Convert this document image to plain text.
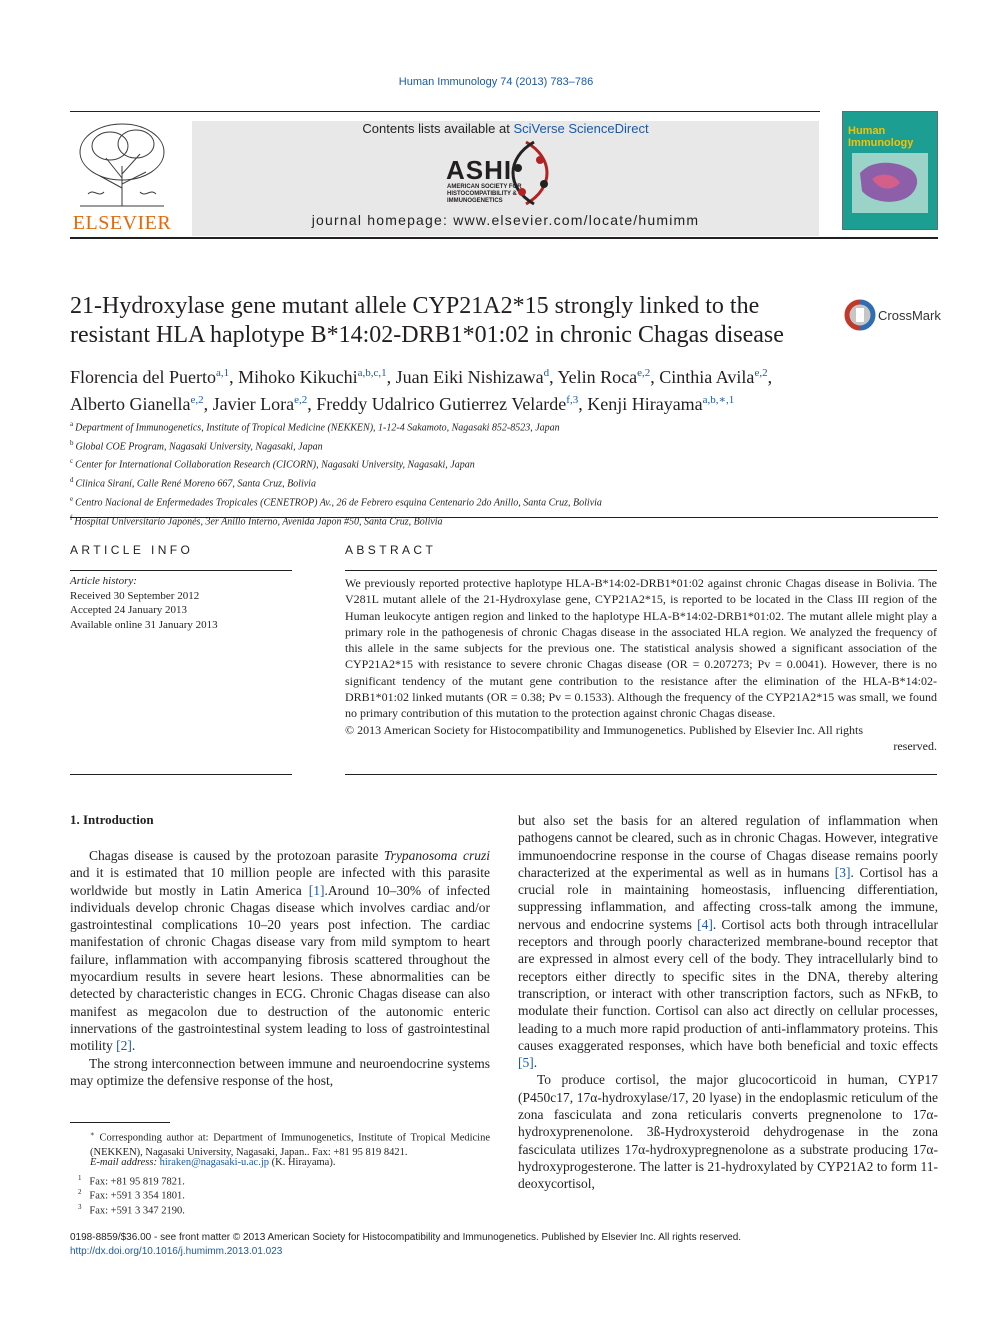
Human Immunology 74 (2013) 783–786
ELSEVIER
Contents lists available at SciVerse ScienceDirect
ASHI
AMERICAN SOCIETY FOR
HISTOCOMPATIBILITY &
IMMUNOGENETICS
journal homepage: www.elsevier.com/locate/humimm
Human
Immunology
21-Hydroxylase gene mutant allele CYP21A2*15 strongly linked to the
resistant HLA haplotype B*14:02-DRB1*01:02 in chronic Chagas disease
CrossMark
Florencia del Puerto$^{a,1}$, Mihoko Kikuchi$^{a,b,c,1}$, Juan Eiki Nishizawa$^d$, Yelin Roca$^{e,2}$, Cinthia Avila$^{e,2}$,
Alberto Gianella$^{e,2}$, Javier Lora$^{e,2}$, Freddy Udalrico Gutierrez Velarde$^{f,3}$, Kenji Hirayama$^{a,b,∗,1}$
$^a$ Department of Immunogenetics, Institute of Tropical Medicine (NEKKEN), 1-12-4 Sakamoto, Nagasaki 852-8523, Japan
$^b$ Global COE Program, Nagasaki University, Nagasaki, Japan
$^c$ Center for International Collaboration Research (CICORN), Nagasaki University, Nagasaki, Japan
$^d$ Clinica Siraní, Calle René Moreno 667, Santa Cruz, Bolivia
$^e$ Centro Nacional de Enfermedades Tropicales (CENETROP) Av., 26 de Febrero esquina Centenario 2do Anillo, Santa Cruz, Bolivia
$^f$ Hospital Universitario Japonés, 3er Anillo Interno, Avenida Japon #50, Santa Cruz, Bolivia
ARTICLE INFO
Article history:
Received 30 September 2012
Accepted 24 January 2013
Available online 31 January 2013
ABSTRACT
We previously reported protective haplotype HLA-B*14:02-DRB1*01:02 against chronic Chagas disease in Bolivia. The V281L mutant allele of the 21-Hydroxylase gene, CYP21A2*15, is reported to be located in the Class III region of the Human leukocyte antigen region and linked to the haplotype HLA-B*14:02-DRB1*01:02. The mutant allele might play a primary role in the pathogenesis of chronic Chagas disease in the associated HLA region. We analyzed the frequency of this allele in the same subjects for the previous one. The statistical analysis showed a significant association of the CYP21A2*15 with resistance to severe chronic Chagas disease (OR = 0.207273; Pv = 0.0041). However, there is no significant tendency of the mutant gene contribution to the resistance after the elimination of the HLA-B*14:02-DRB1*01:02 linked mutants (OR = 0.38; Pv = 0.1533). Although the frequency of the CYP21A2*15 was small, we found no primary contribution of this mutation to the protection against chronic Chagas disease.
© 2013 American Society for Histocompatibility and Immunogenetics. Published by Elsevier Inc. All rights
reserved.
1. Introduction

Chagas disease is caused by the protozoan parasite Trypanosoma cruzi and it is estimated that 10 million people are infected with this parasite worldwide but mostly in Latin America [1].Around 10–30% of infected individuals develop chronic Chagas disease which involves cardiac and/or gastrointestinal complications 10–20 years post infection. The cardiac manifestation of chronic Chagas disease vary from mild symptom to heart failure, inflammation with accompanying fibrosis scattered throughout the myocardium results in severe heart lesions. These abnormalities can be detected by characteristic changes in ECG. Chronic Chagas disease can also manifest as megacolon due to destruction of the autonomic enteric innervations of the gastrointestinal system leading to loss of gastrointestinal motility [2].

The strong interconnection between immune and neuroendocrine systems may optimize the defensive response of the host,

∗ Corresponding author at: Department of Immunogenetics, Institute of Tropical Medicine (NEKKEN), Nagasaki University, Nagasaki, Japan.. Fax: +81 95 819 8421.
E-mail address: hiraken@nagasaki-u.ac.jp (K. Hirayama).
$^1$ Fax: +81 95 819 7821.
$^2$ Fax: +591 3 354 1801.
$^3$ Fax: +591 3 347 2190.

but also set the basis for an altered regulation of inflammation when pathogens cannot be cleared, such as in chronic Chagas. However, integrative immunoendocrine response in the course of Chagas disease remains poorly characterized at the experimental as well as in humans [3]. Cortisol has a crucial role in maintaining homeostasis, influencing differentiation, suppressing inflammation, and affecting cross-talk among the immune, nervous and endocrine systems [4]. Cortisol acts both through intracellular receptors and through poorly characterized membrane-bound receptor that are expressed in almost every cell of the body. They intracellularly bind to receptors either directly to specific sites in the DNA, thereby altering transcription, or interact with other transcription factors, such as NFκB, to modulate their function. Cortisol can also act directly on cellular processes, leading to a much more rapid production of anti-inflammatory proteins. This causes exaggerated responses, which have both beneficial and toxic effects [5].

To produce cortisol, the major glucocorticoid in human, CYP17 (P450c17, 17α-hydroxylase/17, 20 lyase) in the endoplasmic reticulum of the zona fasciculata and zona reticularis converts pregnenolone to 17α-hydroxyprenenolone. 3ß-Hydroxysteroid dehydrogenase in the zona fasciculata utilizes 17α-hydroxypregnenolone as a substrate producing 17α-hydroxyprogesterone. The latter is 21-hydroxylated by CYP21A2 to form 11-deoxycortisol,

0198-8859/$36.00 - see front matter © 2013 American Society for Histocompatibility and Immunogenetics. Published by Elsevier Inc. All rights reserved.
http://dx.doi.org/10.1016/j.humimm.2013.01.023
